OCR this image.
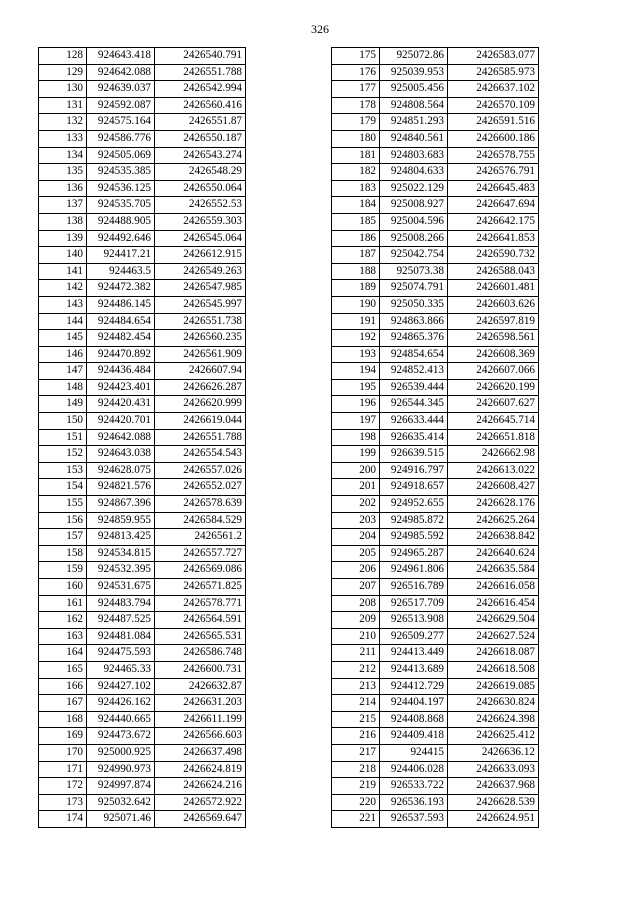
326
128	924643.418	2426540.791
129	924642.088	2426551.788
130	924639.037	2426542.994
131	924592.087	2426560.416
132	924575.164	2426551.87
133	924586.776	2426550.187
134	924505.069	2426543.274
135	924535.385	2426548.29
136	924536.125	2426550.064
137	924535.705	2426552.53
138	924488.905	2426559.303
139	924492.646	2426545.064
140	924417.21	2426612.915
141	924463.5	2426549.263
142	924472.382	2426547.985
143	924486.145	2426545.997
144	924484.654	2426551.738
145	924482.454	2426560.235
146	924470.892	2426561.909
147	924436.484	2426607.94
148	924423.401	2426626.287
149	924420.431	2426620.999
150	924420.701	2426619.044
151	924642.088	2426551.788
152	924643.038	2426554.543
153	924628.075	2426557.026
154	924821.576	2426552.027
155	924867.396	2426578.639
156	924859.955	2426584.529
157	924813.425	2426561.2
158	924534.815	2426557.727
159	924532.395	2426569.086
160	924531.675	2426571.825
161	924483.794	2426578.771
162	924487.525	2426564.591
163	924481.084	2426565.531
164	924475.593	2426586.748
165	924465.33	2426600.731
166	924427.102	2426632.87
167	924426.162	2426631.203
168	924440.665	2426611.199
169	924473.672	2426566.603
170	925000.925	2426637.498
171	924990.973	2426624.819
172	924997.874	2426624.216
173	925032.642	2426572.922
174	925071.46	2426569.647
175	925072.86	2426583.077
176	925039.953	2426585.973
177	925005.456	2426637.102
178	924808.564	2426570.109
179	924851.293	2426591.516
180	924840.561	2426600.186
181	924803.683	2426578.755
182	924804.633	2426576.791
183	925022.129	2426645.483
184	925008.927	2426647.694
185	925004.596	2426642.175
186	925008.266	2426641.853
187	925042.754	2426590.732
188	925073.38	2426588.043
189	925074.791	2426601.481
190	925050.335	2426603.626
191	924863.866	2426597.819
192	924865.376	2426598.561
193	924854.654	2426608.369
194	924852.413	2426607.066
195	926539.444	2426620.199
196	926544.345	2426607.627
197	926633.444	2426645.714
198	926635.414	2426651.818
199	926639.515	2426662.98
200	924916.797	2426613.022
201	924918.657	2426608.427
202	924952.655	2426628.176
203	924985.872	2426625.264
204	924985.592	2426638.842
205	924965.287	2426640.624
206	924961.806	2426635.584
207	926516.789	2426616.058
208	926517.709	2426616.454
209	926513.908	2426629.504
210	926509.277	2426627.524
211	924413.449	2426618.087
212	924413.689	2426618.508
213	924412.729	2426619.085
214	924404.197	2426630.824
215	924408.868	2426624.398
216	924409.418	2426625.412
217	924415	2426636.12
218	924406.028	2426633.093
219	926533.722	2426637.968
220	926536.193	2426628.539
221	926537.593	2426624.951
